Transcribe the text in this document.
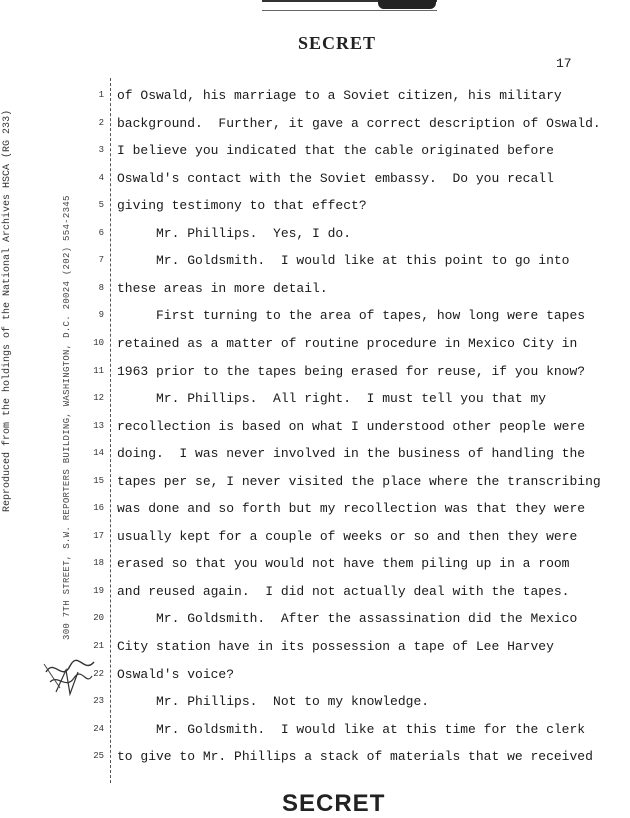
SECRET
17
Reproduced from the holdings of the National Archives HSCA (RG 233)	300 7TH STREET, S.W. REPORTERS BUILDING, WASHINGTON, D.C. 20024 (202) 554-2345
1
2
3
4
5
6
7
8
9
10
11
12
13
14
15
16
17
18
19
20
21
22
23
24
25
of Oswald, his marriage to a Soviet citizen, his military
background.  Further, it gave a correct description of Oswald.
I believe you indicated that the cable originated before
Oswald's contact with the Soviet embassy.  Do you recall
giving testimony to that effect?
Mr. Phillips.  Yes, I do.
Mr. Goldsmith.  I would like at this point to go into
these areas in more detail.
First turning to the area of tapes, how long were tapes
retained as a matter of routine procedure in Mexico City in
1963 prior to the tapes being erased for reuse, if you know?
Mr. Phillips.  All right.  I must tell you that my
recollection is based on what I understood other people were
doing.  I was never involved in the business of handling the
tapes per se, I never visited the place where the transcribing
was done and so forth but my recollection was that they were
usually kept for a couple of weeks or so and then they were
erased so that you would not have them piling up in a room
and reused again.  I did not actually deal with the tapes.
Mr. Goldsmith.  After the assassination did the Mexico
City station have in its possession a tape of Lee Harvey
Oswald's voice?
Mr. Phillips.  Not to my knowledge.
Mr. Goldsmith.  I would like at this time for the clerk
to give to Mr. Phillips a stack of materials that we received
SECRET
